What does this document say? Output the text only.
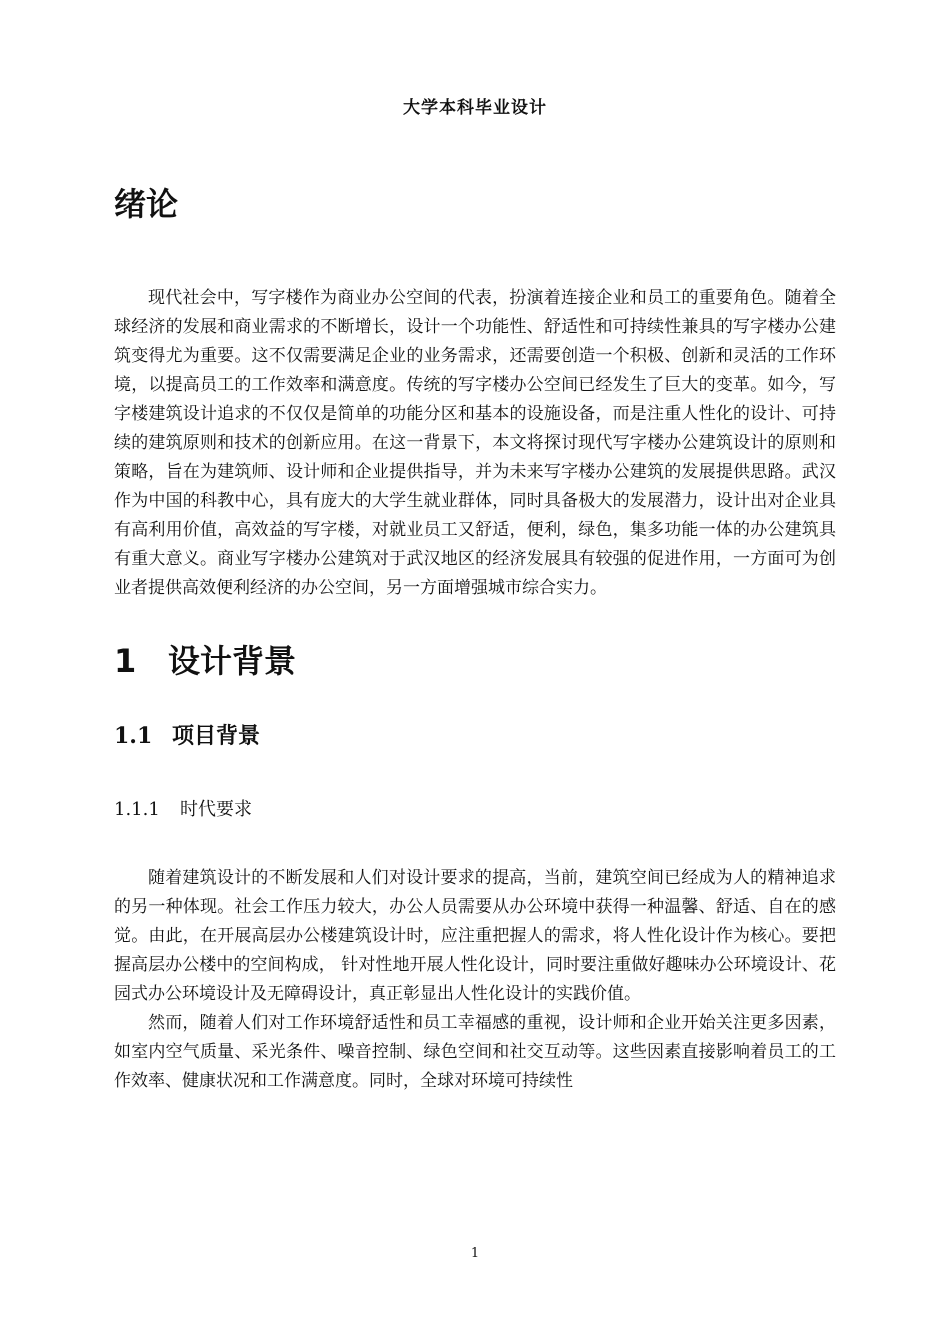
大学本科毕业设计
绪论

现代社会中，写字楼作为商业办公空间的代表，扮演着连接企业和员工的重要角色。随着全球经济的发展和商业需求的不断增长，设计一个功能性、舒适性和可持续性兼具的写字楼办公建筑变得尤为重要。这不仅需要满足企业的业务需求，还需要创造一个积极、创新和灵活的工作环境，以提高员工的工作效率和满意度。传统的写字楼办公空间已经发生了巨大的变革。如今，写字楼建筑设计追求的不仅仅是简单的功能分区和基本的设施设备，而是注重人性化的设计、可持续的建筑原则和技术的创新应用。在这一背景下，本文将探讨现代写字楼办公建筑设计的原则和策略，旨在为建筑师、设计师和企业提供指导，并为未来写字楼办公建筑的发展提供思路。武汉作为中国的科教中心，具有庞大的大学生就业群体，同时具备极大的发展潜力，设计出对企业具有高利用价值，高效益的写字楼，对就业员工又舒适，便利，绿色，集多功能一体的办公建筑具有重大意义。商业写字楼办公建筑对于武汉地区的经济发展具有较强的促进作用，一方面可为创业者提供高效便利经济的办公空间，另一方面增强城市综合实力。

1 设计背景
1.1 项目背景
1.1.1 时代要求

随着建筑设计的不断发展和人们对设计要求的提高，当前，建筑空间已经成为人的精神追求的另一种体现。社会工作压力较大，办公人员需要从办公环境中获得一种温馨、舒适、自在的感觉。由此，在开展高层办公楼建筑设计时，应注重把握人的需求，将人性化设计作为核心。要把握高层办公楼中的空间构成， 针对性地开展人性化设计，同时要注重做好趣味办公环境设计、花园式办公环境设计及无障碍设计，真正彰显出人性化设计的实践价值。

然而，随着人们对工作环境舒适性和员工幸福感的重视，设计师和企业开始关注更多因素，如室内空气质量、采光条件、噪音控制、绿色空间和社交互动等。这些因素直接影响着员工的工作效率、健康状况和工作满意度。同时，全球对环境可持续性

1
